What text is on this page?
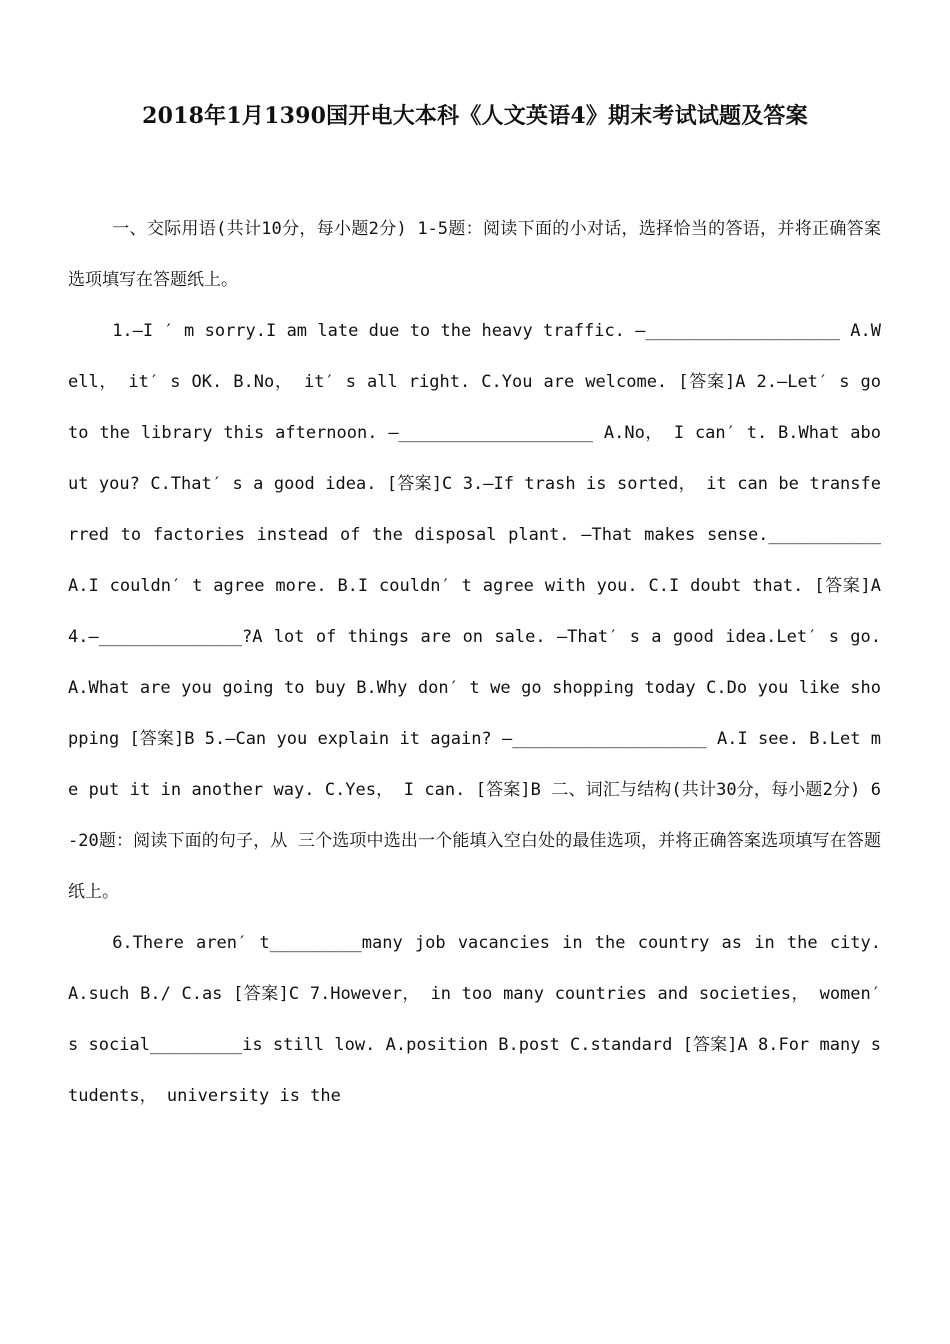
2018年1月1390国开电大本科《人文英语4》期末考试试题及答案

一、交际用语(共计10分，每小题2分) 1-5题：阅读下面的小对话，选择恰当的答语，并将正确答案选项填写在答题纸上。

1.—I ′ m sorry.I am late due to the heavy traffic. —___________________ A.Well， it′ s OK. B.No， it′ s all right. C.You are welcome. [答案]A 2.—Let′ s go to the library this afternoon. —___________________ A.No， I can′ t. B.What about you? C.That′ s a good idea. [答案]C 3.—If trash is sorted， it can be transferred to factories instead of the disposal plant. —That makes sense.___________ A.I couldn′ t agree more. B.I couldn′ t agree with you. C.I doubt that. [答案]A 4.—______________?A lot of things are on sale. —That′ s a good idea.Let′ s go. A.What are you going to buy B.Why don′ t we go shopping today C.Do you like shopping [答案]B 5.—Can you explain it again? —___________________ A.I see. B.Let me put it in another way. C.Yes， I can. [答案]B 二、词汇与结构(共计30分，每小题2分) 6-20题：阅读下面的句子，从 三个选项中选出一个能填入空白处的最佳选项，并将正确答案选项填写在答题纸上。

6.There aren′ t_________many job vacancies in the country as in the city. A.such B./ C.as [答案]C 7.However， in too many countries and societies， women′ s social_________is still low. A.position B.post C.standard [答案]A 8.For many students， university is the
